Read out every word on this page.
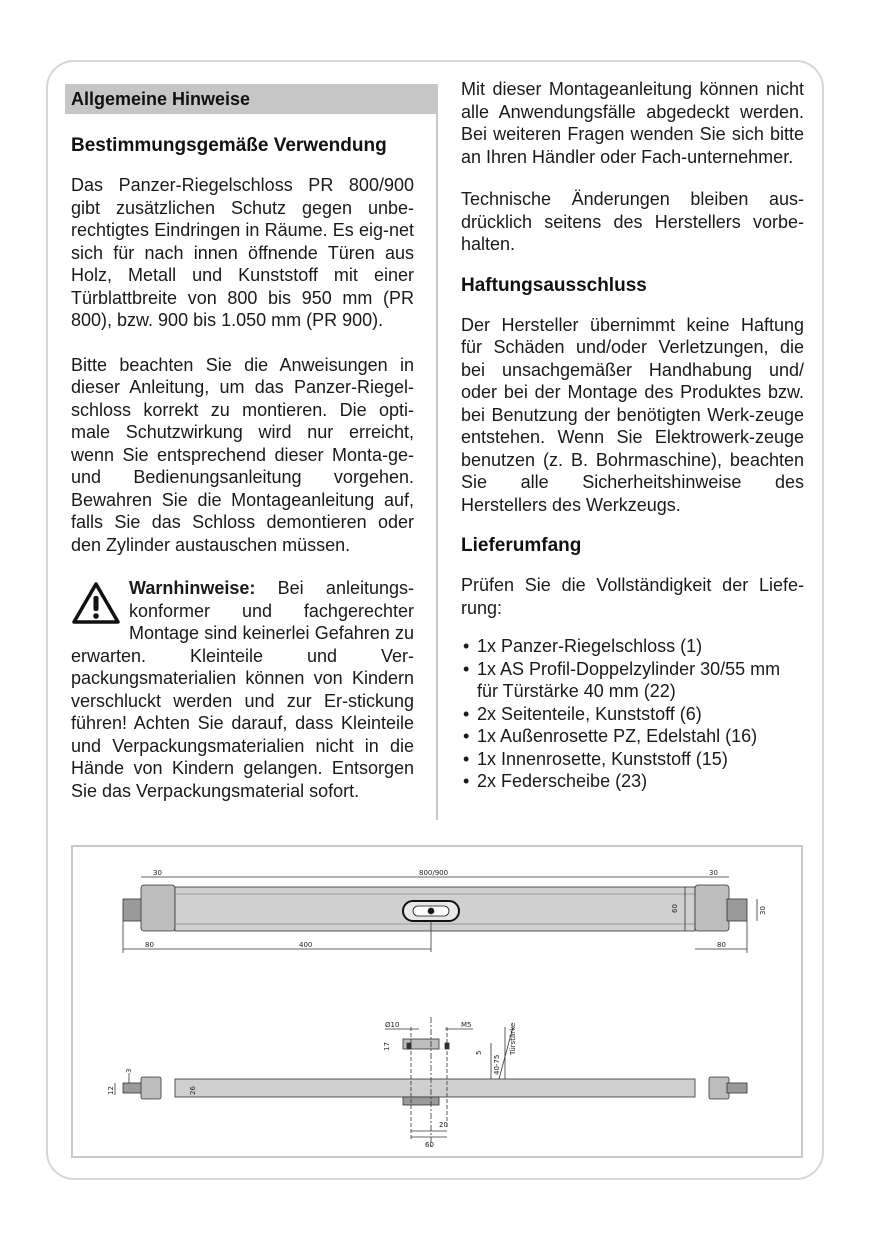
Allgemeine Hinweise
Bestimmungsgemäße Verwendung

Das Panzer-Riegelschloss PR 800/900 gibt zusätzlichen Schutz gegen unbe-rechtigtes Eindringen in Räume. Es eig-net sich für nach innen öffnende Türen aus Holz, Metall und Kunststoff mit einer Türblattbreite von 800 bis 950 mm (PR 800), bzw. 900 bis 1.050 mm (PR 900).

Bitte beachten Sie die Anweisungen in dieser Anleitung, um das Panzer-Riegel-schloss korrekt zu montieren. Die opti-male Schutzwirkung wird nur erreicht, wenn Sie entsprechend dieser Monta-ge- und Bedienungsanleitung vorgehen. Bewahren Sie die Montageanleitung auf, falls Sie das Schloss demontieren oder den Zylinder austauschen müssen.

Warnhinweise: Bei anleitungs-konformer und fachgerechter Montage sind keinerlei Gefahren zu erwarten. Kleinteile und Ver-packungsmaterialien können von Kindern verschluckt werden und zur Er-stickung führen! Achten Sie darauf, dass Kleinteile und Verpackungsmaterialien nicht in die Hände von Kindern gelangen. Entsorgen Sie das Verpackungsmaterial sofort.

Mit dieser Montageanleitung können nicht alle Anwendungsfälle abgedeckt werden. Bei weiteren Fragen wenden Sie sich bitte an Ihren Händler oder Fach-unternehmer.

Technische Änderungen bleiben aus-drücklich seitens des Herstellers vorbe-halten.

Haftungsausschluss

Der Hersteller übernimmt keine Haftung für Schäden und/oder Verletzungen, die bei unsachgemäßer Handhabung und/ oder bei der Montage des Produktes bzw. bei Benutzung der benötigten Werk-zeuge entstehen. Wenn Sie Elektrowerk-zeuge benutzen (z. B. Bohrmaschine), beachten Sie alle Sicherheitshinweise des Herstellers des Werkzeugs.

Lieferumfang

Prüfen Sie die Vollständigkeit der Liefe-rung:

• 1x Panzer-Riegelschloss (1)
• 1x AS Profil-Doppelzylinder 30/55 mm für Türstärke 40 mm (22)
• 2x Seitenteile, Kunststoff (6)
• 1x Außenrosette PZ, Edelstahl (16)
• 1x Innenrosette, Kunststoff (15)
• 2x Federscheibe (23)
30	800/900	30
60	30
80	400	80
Ø10	M5
17
5
40-75
Türstärke
3
12	26
20
60
